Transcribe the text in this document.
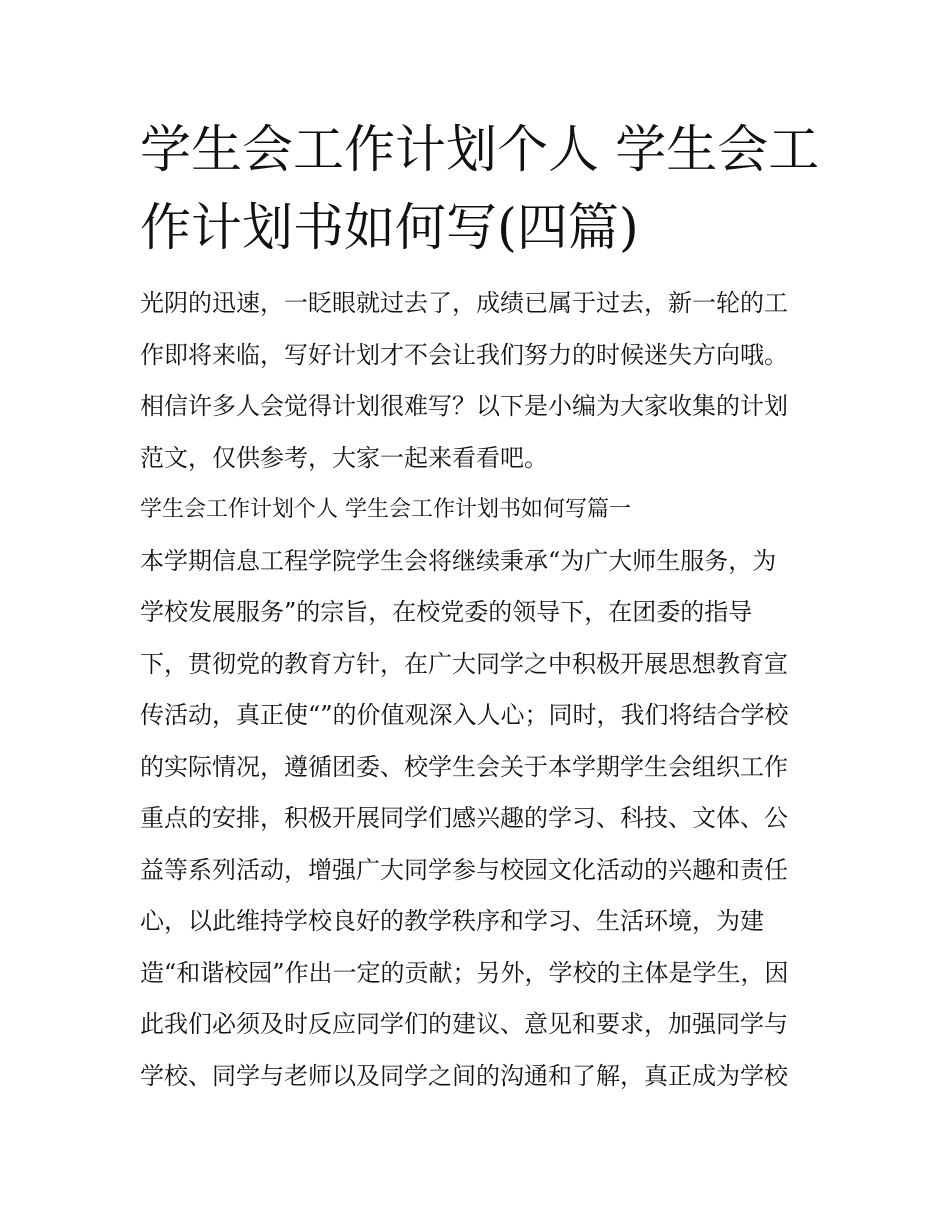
学生会工作计划个人 学生会工
作计划书如何写(四篇)
光阴的迅速，一眨眼就过去了，成绩已属于过去，新一轮的工
作即将来临，写好计划才不会让我们努力的时候迷失方向哦。
相信许多人会觉得计划很难写？以下是小编为大家收集的计划
范文，仅供参考，大家一起来看看吧。
学生会工作计划个人 学生会工作计划书如何写篇一
本学期信息工程学院学生会将继续秉承“为广大师生服务，为
学校发展服务”的宗旨，在校党委的领导下，在团委的指导
下，贯彻党的教育方针，在广大同学之中积极开展思想教育宣
传活动，真正使“”的价值观深入人心；同时，我们将结合学校
的实际情况，遵循团委、校学生会关于本学期学生会组织工作
重点的安排，积极开展同学们感兴趣的学习、科技、文体、公
益等系列活动，增强广大同学参与校园文化活动的兴趣和责任
心，以此维持学校良好的教学秩序和学习、生活环境，为建
造“和谐校园”作出一定的贡献；另外，学校的主体是学生，因
此我们必须及时反应同学们的建议、意见和要求，加强同学与
学校、同学与老师以及同学之间的沟通和了解，真正成为学校
